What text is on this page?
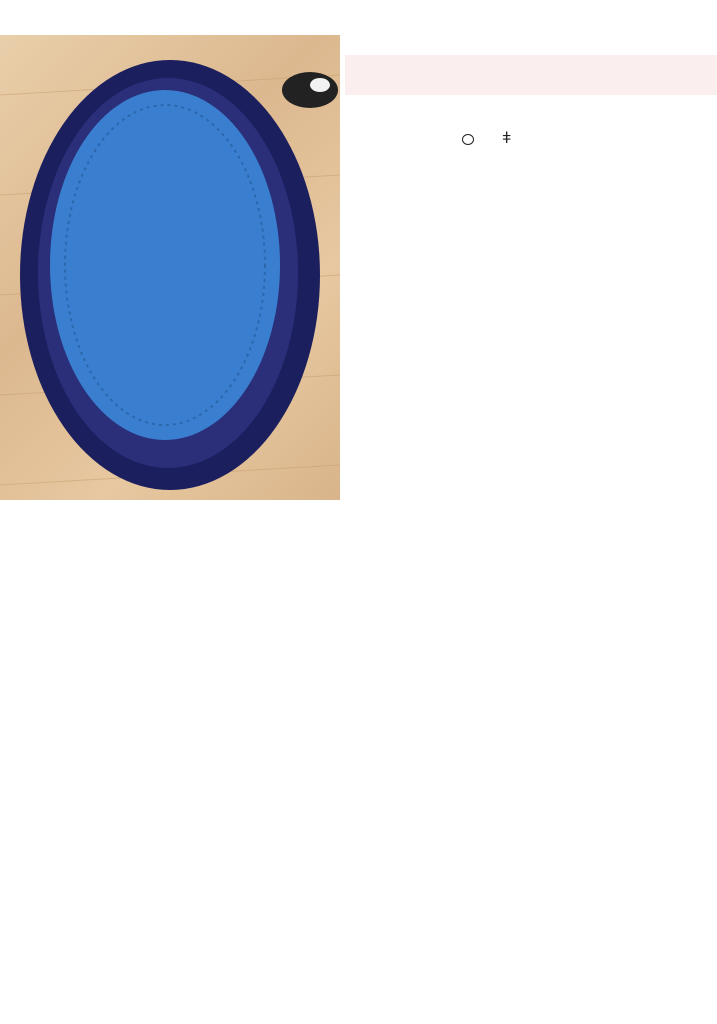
ǂ
